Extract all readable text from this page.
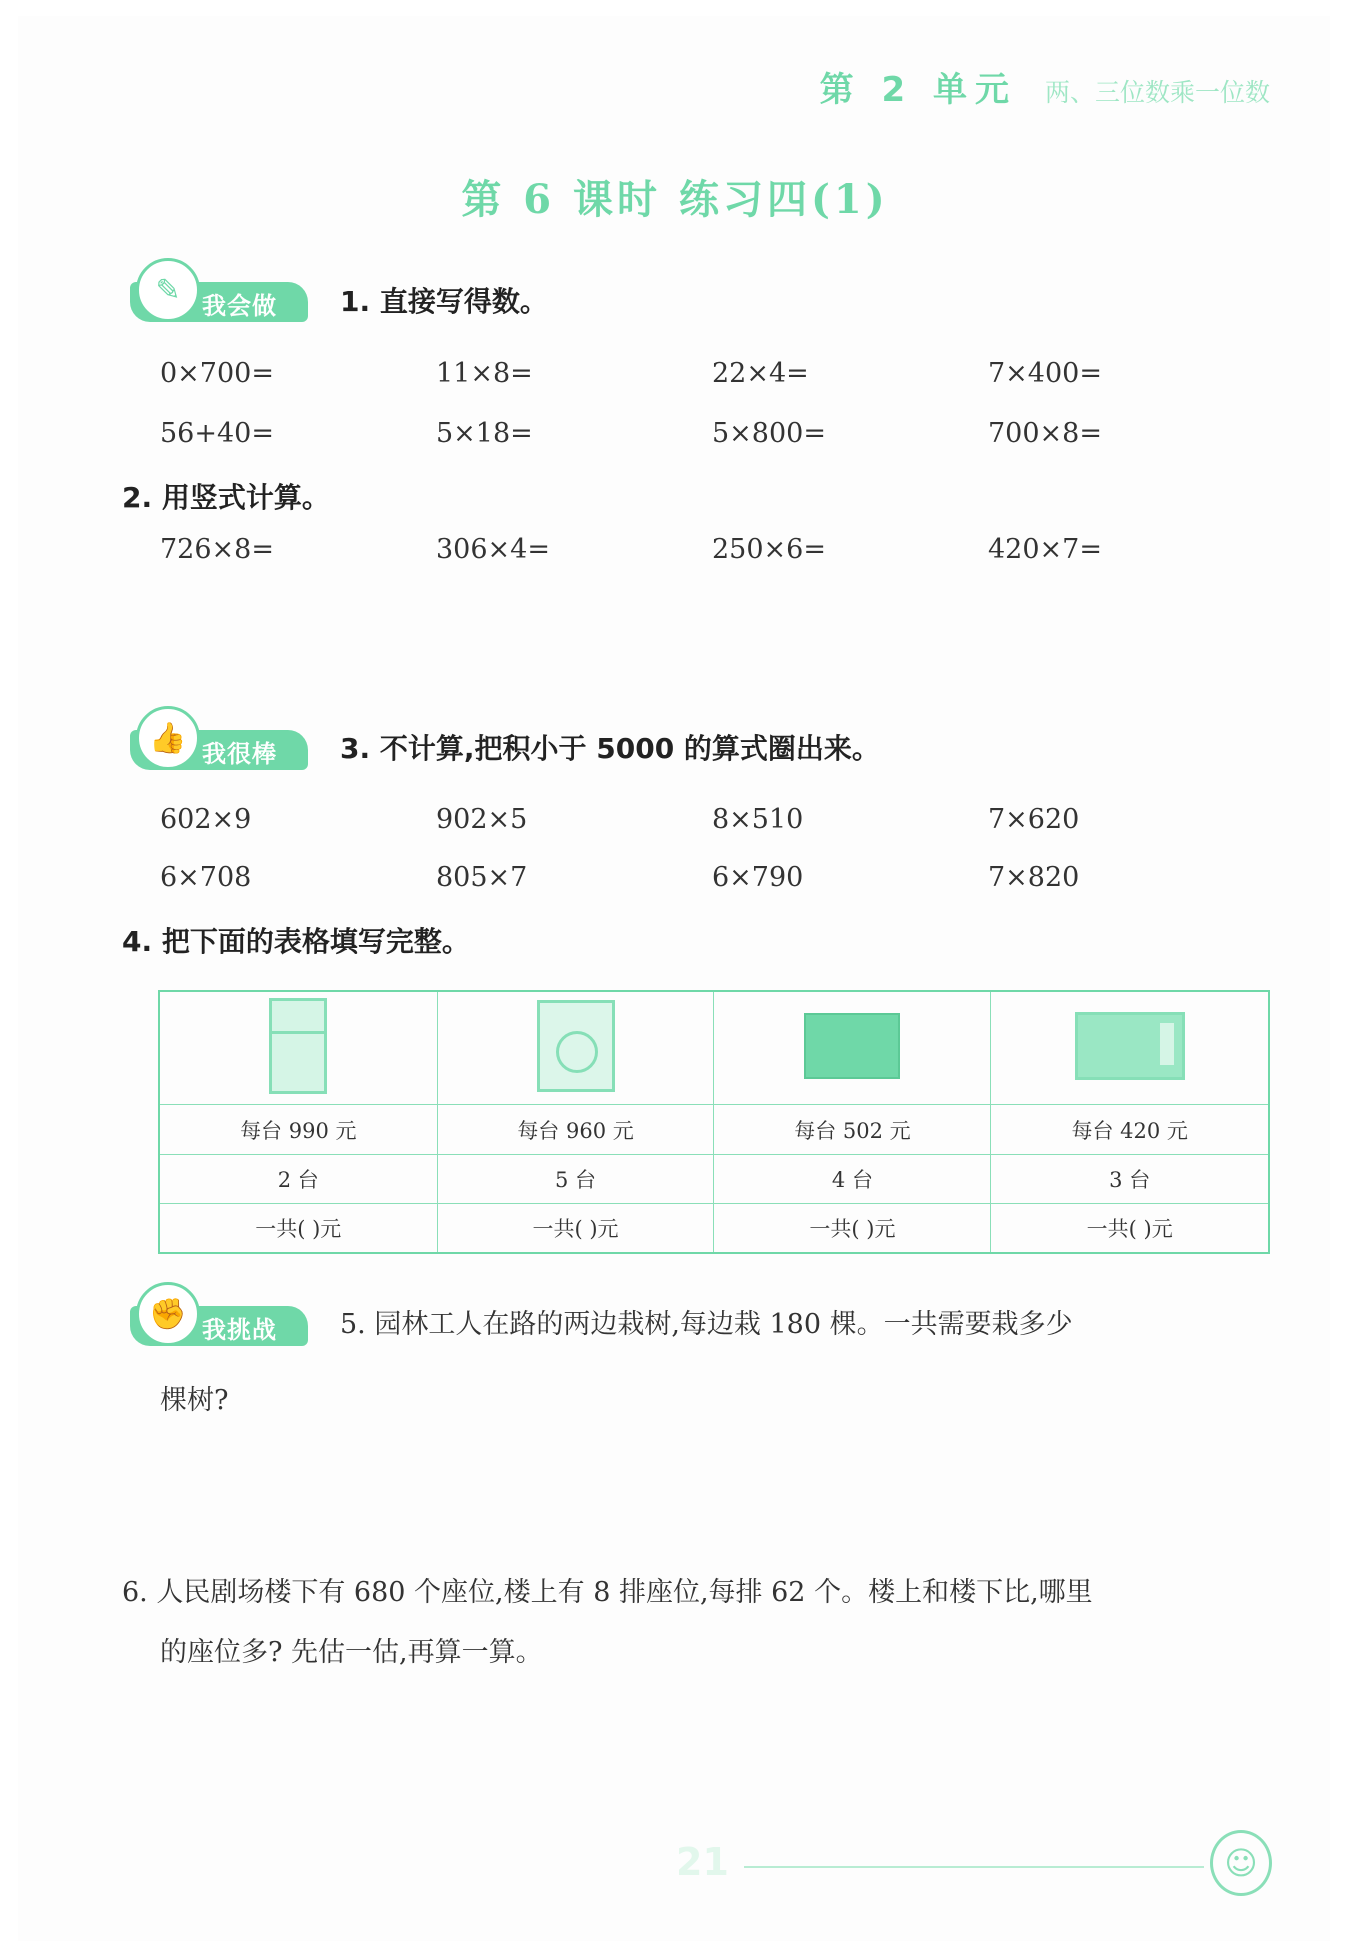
第 2 单元 两、三位数乘一位数
第 6 课时 练习四(1)
✎ 我会做 1. 直接写得数。
0×700=	11×8=	22×4=	7×400=
56+40=	5×18=	5×800=	700×8=
2. 用竖式计算。
726×8=	306×4=	250×6=	420×7=
👍 我很棒 3. 不计算,把积小于 5000 的算式圈出来。
602×9	902×5	8×510	7×620
6×708	805×7	6×790	7×820
4. 把下面的表格填写完整。

每台 990 元	每台 960 元	每台 502 元	每台 420 元
2 台	5 台	4 台	3 台
一共( )元	一共( )元	一共( )元	一共( )元
✊ 我挑战 5. 园林工人在路的两边栽树,每边栽 180 棵。一共需要栽多少
棵树?
6. 人民剧场楼下有 680 个座位,楼上有 8 排座位,每排 62 个。楼上和楼下比,哪里
的座位多? 先估一估,再算一算。
21	☺
